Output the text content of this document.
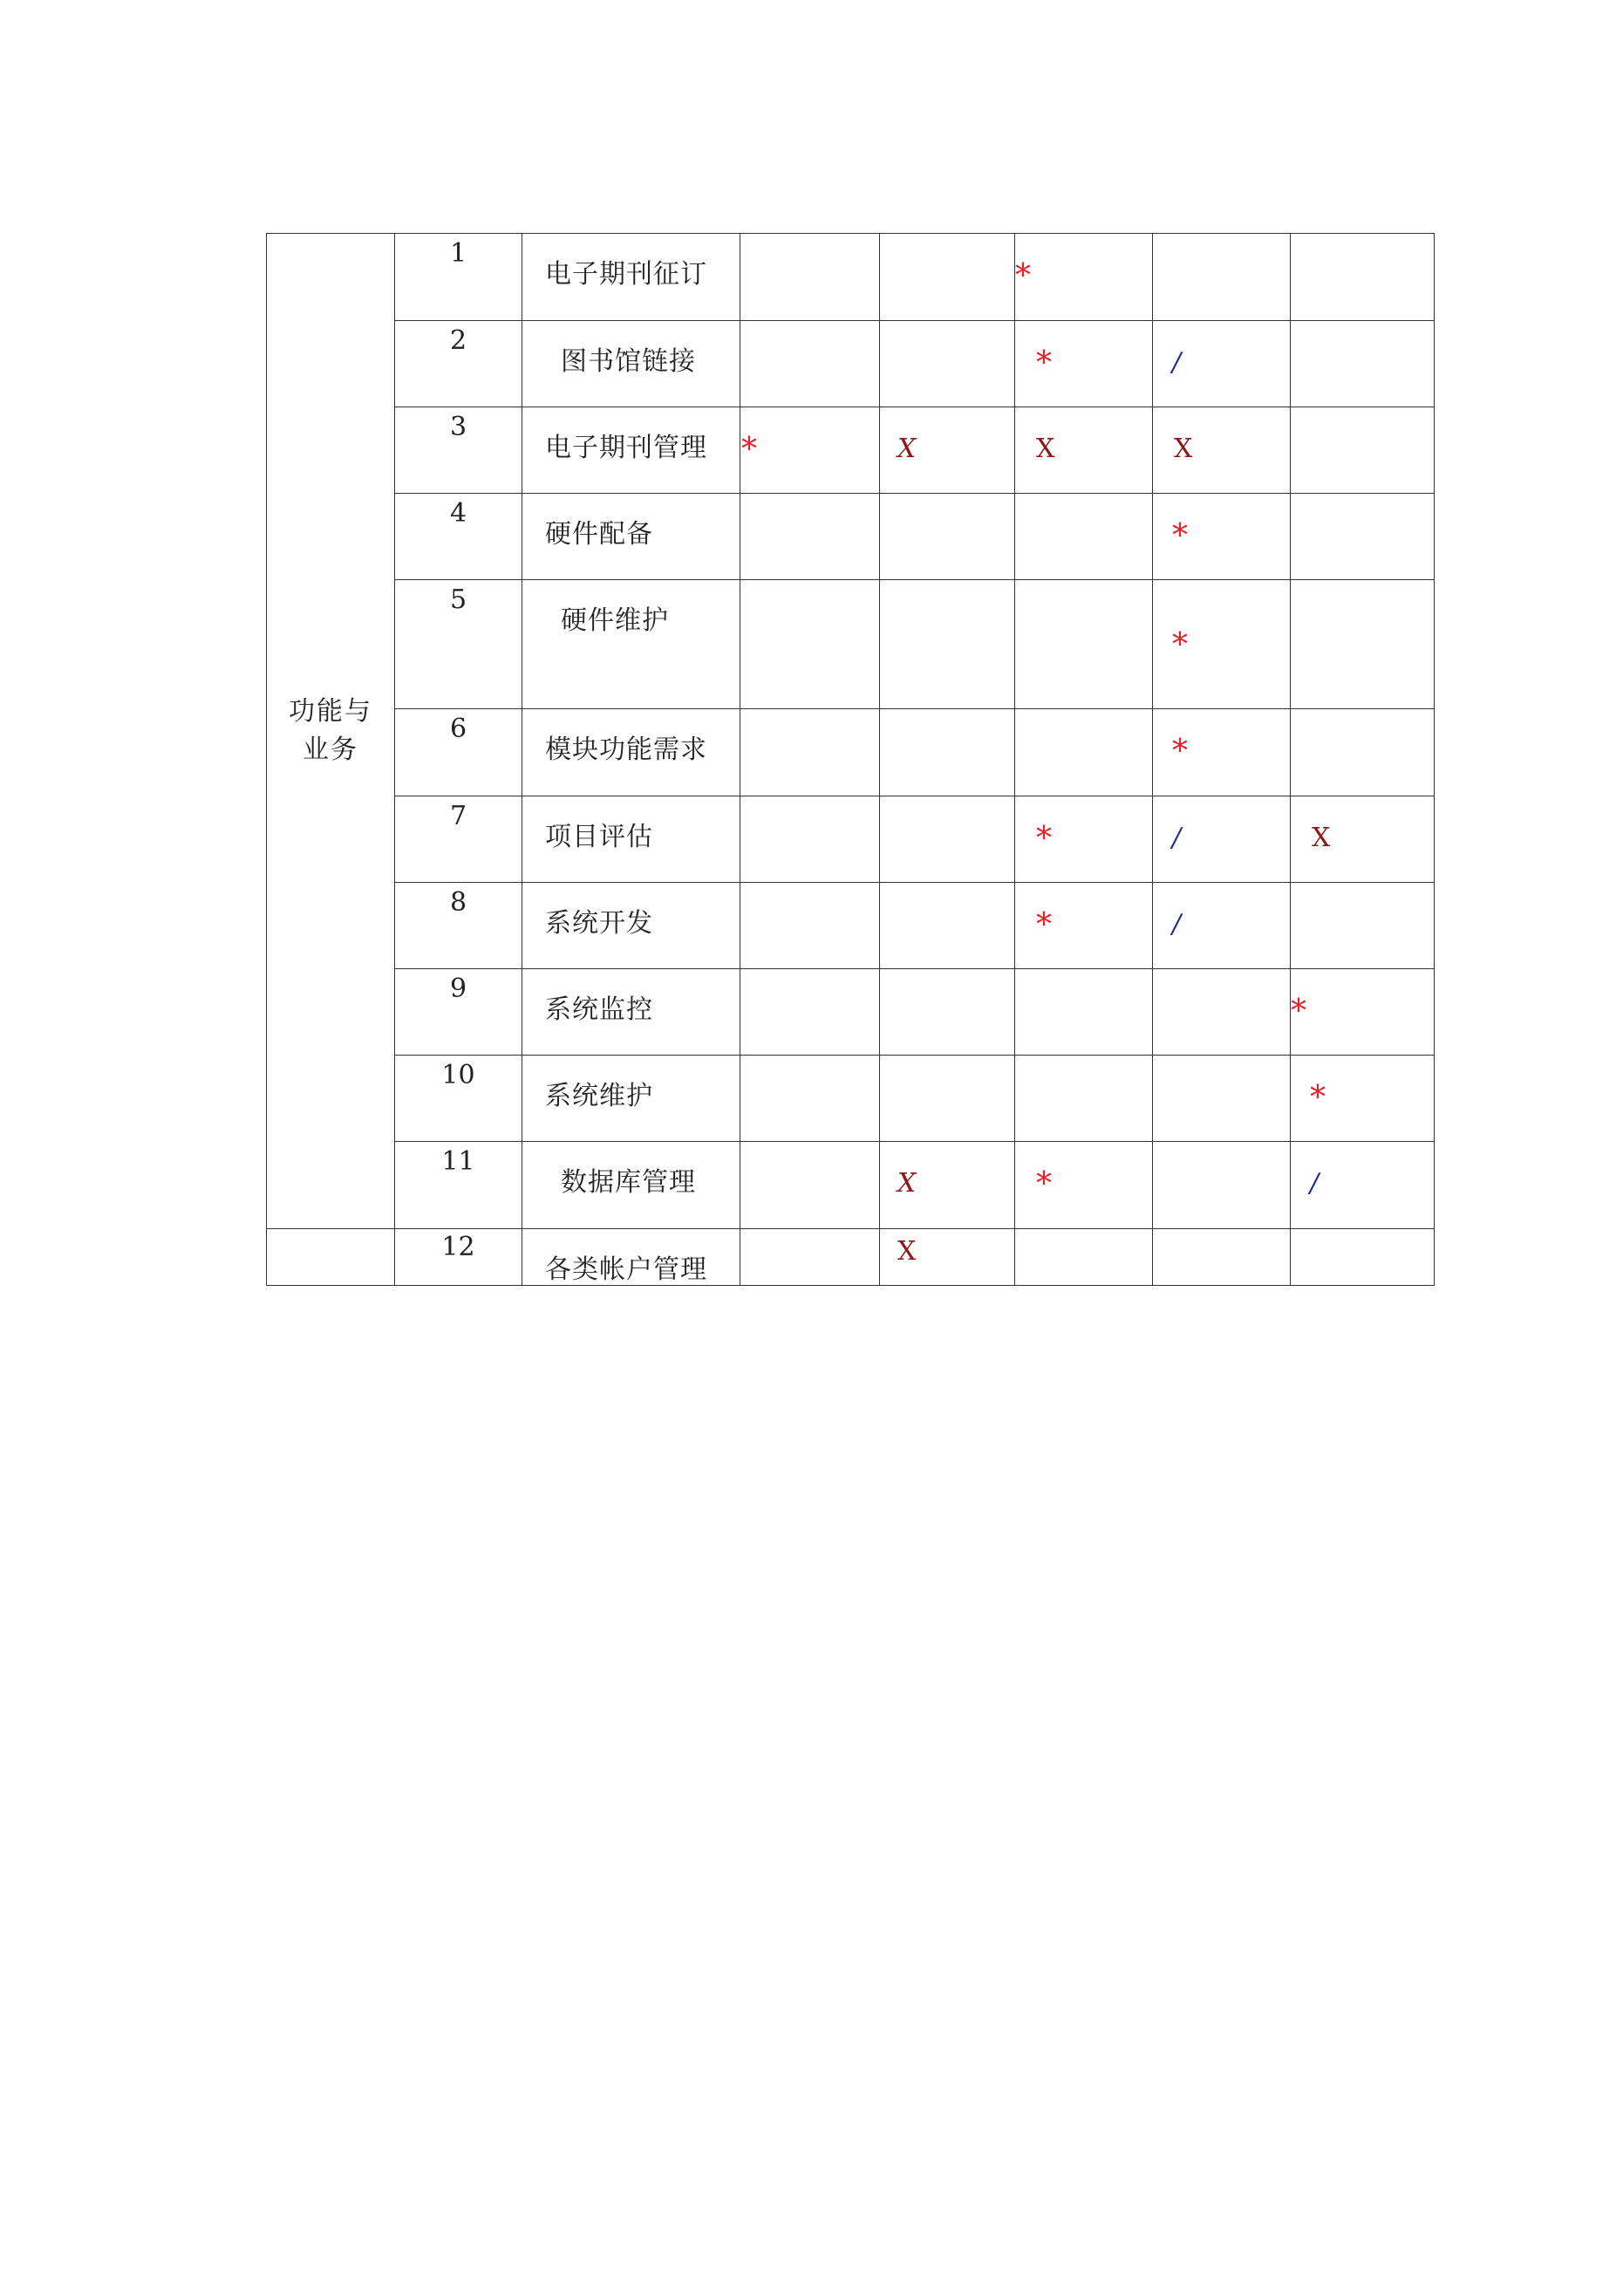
功能与
业务	1	电子期刊征订			*		

	2	图书馆链接			*	/	

	3	电子期刊管理	*	X	X	X	

	4	硬件配备				*	

	5	硬件维护				*	

	6	模块功能需求				*	

	7	项目评估			*	/	X

	8	系统开发			*	/	

	9	系统监控					*

	10	系统维护					*

	11	数据库管理		X	*		/

	12	各类帐户管理		X			
